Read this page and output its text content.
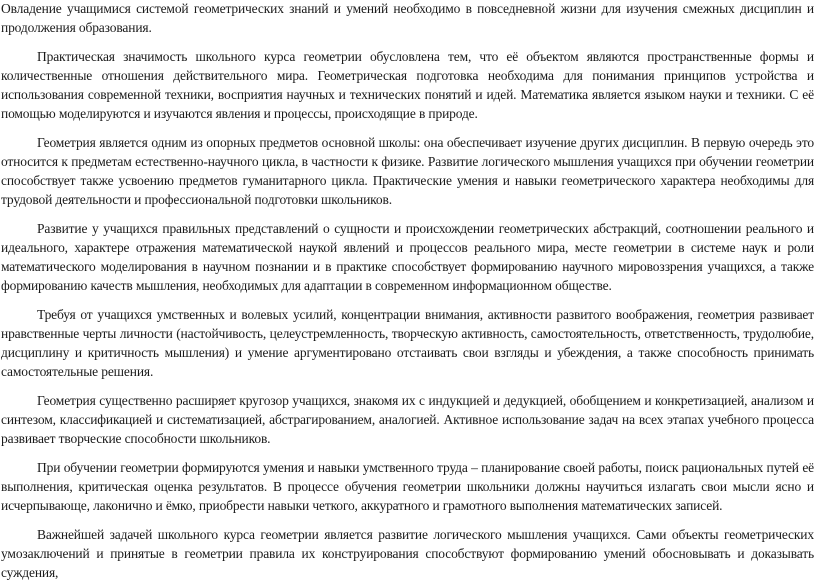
Овладение учащимися системой геометрических знаний и умений необходимо в повседневной жизни для изучения смежных дисциплин и продолжения образования.

Практическая значимость школьного курса геометрии обусловлена тем, что её объектом являются пространственные формы и количественные отношения действительного мира. Геометрическая подготовка необходима для понимания принципов устройства и использования современной техники, восприятия научных и технических понятий и идей. Математика является языком науки и техники. С её помощью моделируются и изучаются явления и процессы, происходящие в природе.

Геометрия является одним из опорных предметов основной школы: она обеспечивает изучение других дисциплин. В первую очередь это относится к предметам естественно-научного цикла, в частности к физике. Развитие логического мышления учащихся при обучении геометрии способствует также усвоению предметов гуманитарного цикла. Практические умения и навыки геометрического характера необходимы для трудовой деятельности и профессиональной подготовки школьников.

Развитие у учащихся правильных представлений о сущности и происхождении геометрических абстракций, соотношении реального и идеального, характере отражения математической наукой явлений и процессов реального мира, месте геометрии в системе наук и роли математического моделирования в научном познании и в практике способствует формированию научного мировоззрения учащихся, а также формированию качеств мышления, необходимых для адаптации в современном информационном обществе.

Требуя от учащихся умственных и волевых усилий, концентрации внимания, активности развитого воображения, геометрия развивает нравственные черты личности (настойчивость, целеустремленность, творческую активность, самостоятельность, ответственность, трудолюбие, дисциплину и критичность мышления) и умение аргументировано отстаивать свои взгляды и убеждения, а также способность принимать самостоятельные решения.

Геометрия существенно расширяет кругозор учащихся, знакомя их с индукцией и дедукцией, обобщением и конкретизацией, анализом и синтезом, классификацией и систематизацией, абстрагированием, аналогией. Активное использование задач на всех этапах учебного процесса развивает творческие способности школьников.

При обучении геометрии формируются умения и навыки умственного труда – планирование своей работы, поиск рациональных путей её выполнения, критическая оценка результатов. В процессе обучения геометрии школьники должны научиться излагать свои мысли ясно и исчерпывающе, лаконично и ёмко, приобрести навыки четкого, аккуратного и грамотного выполнения математических записей.

Важнейшей задачей школьного курса геометрии является развитие логического мышления учащихся. Сами объекты геометрических умозаключений и принятые в геометрии правила их конструирования способствуют формированию умений обосновывать и доказывать суждения,
